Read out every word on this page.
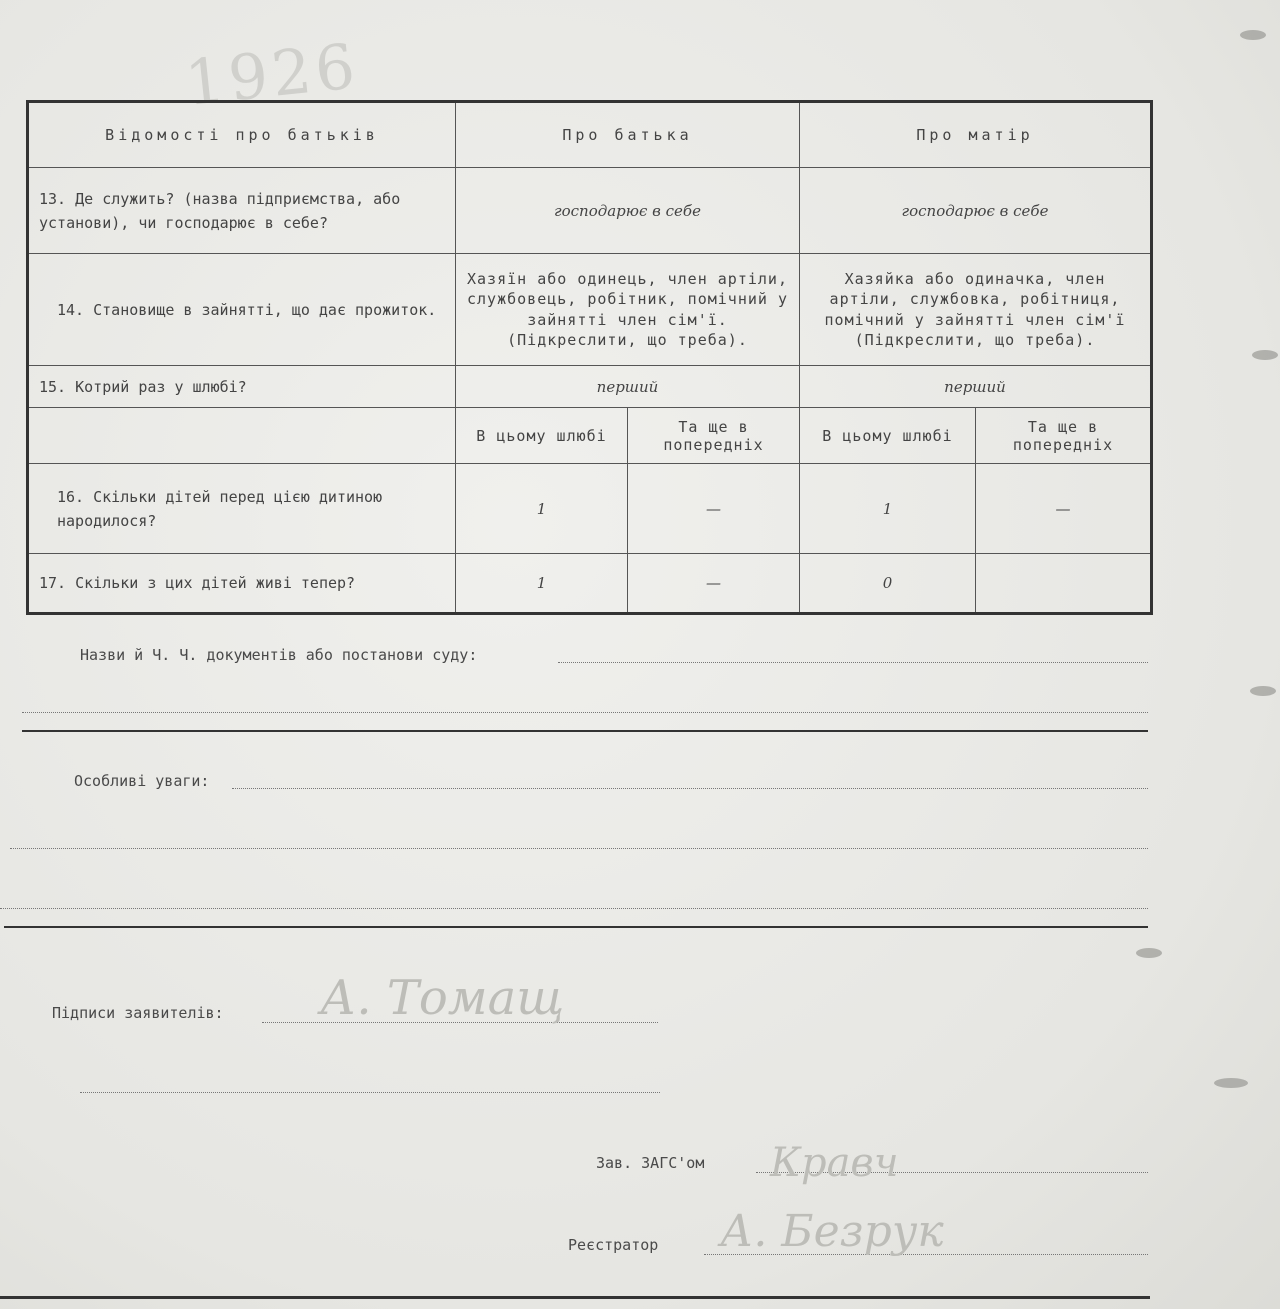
1926
Відомості про батьків	Про батька		Про матір	
13. Де служить? (назва підприємства, або установи), чи господарює в себе?	господарює в себе		господарює в себе	
14. Становище в зайнятті, що дає прожиток.	Хазяїн або одинець, член артіли, службовець, робітник, помічний у зайнятті член сім'ї. (Підкреслити, що треба).		Хазяйка або одиначка, член артіли, службовка, робітниця, помічний у зайнятті член сім'ї (Підкреслити, що треба).	
15. Котрий раз у шлюбі?	перший		перший	
	В цьому шлюбі	Та ще в попередніх	В цьому шлюбі	Та ще в попередніх
16. Скільки дітей перед цією дитиною народилося?	1	—	1	—
17. Скільки з цих дітей живі тепер?	1	—	0	
Назви й Ч. Ч. документів або постанови суду:
Особливі уваги:
Підписи заявителів: А. Томащ
Зав. ЗАГС'ом Кравч
Реєстратор А. Безрук
